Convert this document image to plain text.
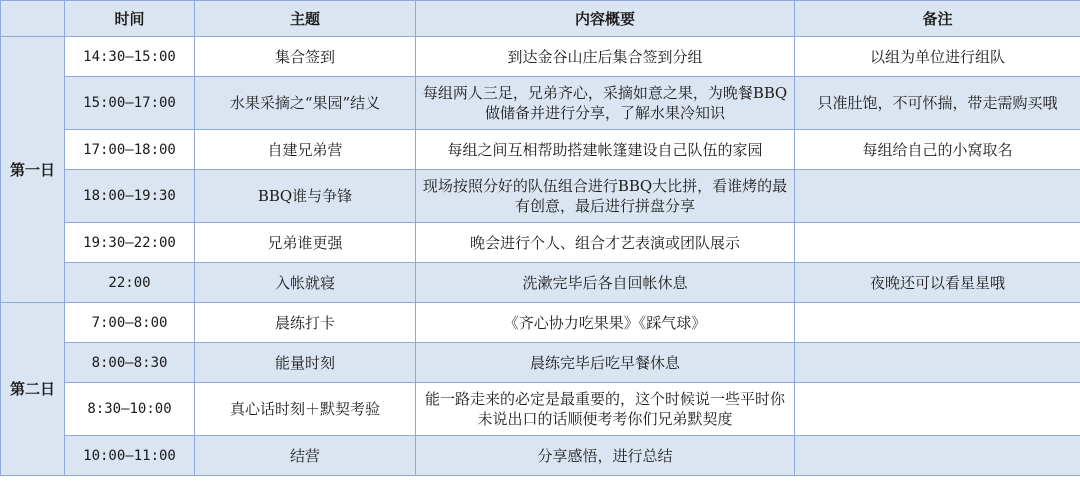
	时间	主题	内容概要	备注
第一日	14:30—15:00	集合签到	到达金谷山庄后集合签到分组	以组为单位进行组队
	15:00—17:00	水果采摘之“果园”结义	每组两人三足，兄弟齐心，采摘如意之果，为晚餐BBQ做储备并进行分享，了解水果冷知识	只准肚饱，不可怀揣，带走需购买哦
	17:00—18:00	自建兄弟营	每组之间互相帮助搭建帐篷建设自己队伍的家园	每组给自己的小窝取名
	18:00—19:30	BBQ谁与争锋	现场按照分好的队伍组合进行BBQ大比拼，看谁烤的最有创意，最后进行拼盘分享	
	19:30—22:00	兄弟谁更强	晚会进行个人、组合才艺表演或团队展示	
	22:00	入帐就寝	洗漱完毕后各自回帐休息	夜晚还可以看星星哦
第二日	7:00—8:00	晨练打卡	《齐心协力吃果果》《踩气球》	
	8:00—8:30	能量时刻	晨练完毕后吃早餐休息	
	8:30—10:00	真心话时刻＋默契考验	能一路走来的必定是最重要的，这个时候说一些平时你未说出口的话顺便考考你们兄弟默契度	
	10:00—11:00	结营	分享感悟，进行总结	
